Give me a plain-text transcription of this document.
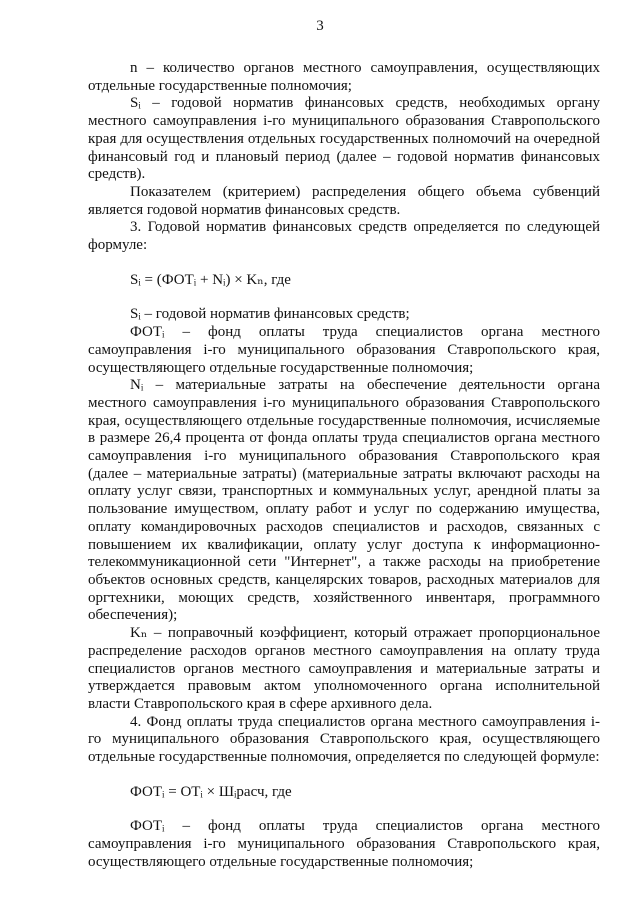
3

n – количество органов местного самоуправления, осуществляющих отдельные государственные полномочия;

Sᵢ – годовой норматив финансовых средств, необходимых органу местного самоуправления i-го муниципального образования Ставропольского края для осуществления отдельных государственных полномочий на очередной финансовый год и плановый период (далее – годовой норматив финансовых средств).

Показателем (критерием) распределения общего объема субвенций является годовой норматив финансовых средств.

3. Годовой норматив финансовых средств определяется по следующей формуле:

Sᵢ = (ФОТᵢ + Nᵢ) × Kₙ, где

Sᵢ – годовой норматив финансовых средств;

ФОТᵢ – фонд оплаты труда специалистов органа местного самоуправления i-го муниципального образования Ставропольского края, осуществляющего отдельные государственные полномочия;

Nᵢ – материальные затраты на обеспечение деятельности органа местного самоуправления i-го муниципального образования Ставропольского края, осуществляющего отдельные государственные полномочия, исчисляемые в размере 26,4 процента от фонда оплаты труда специалистов органа местного самоуправления i-го муниципального образования Ставропольского края (далее – материальные затраты) (материальные затраты включают расходы на оплату услуг связи, транспортных и коммунальных услуг, арендной платы за пользование имуществом, оплату работ и услуг по содержанию имущества, оплату командировочных расходов специалистов и расходов, связанных с повышением их квалификации, оплату услуг доступа к информационно-телекоммуникационной сети "Интернет", а также расходы на приобретение объектов основных средств, канцелярских товаров, расходных материалов для оргтехники, моющих средств, хозяйственного инвентаря, программного обеспечения);

Kₙ – поправочный коэффициент, который отражает пропорциональное распределение расходов органов местного самоуправления на оплату труда специалистов органов местного самоуправления и материальные затраты и утверждается правовым актом уполномоченного органа исполнительной власти Ставропольского края в сфере архивного дела.

4. Фонд оплаты труда специалистов органа местного самоуправления i-го муниципального образования Ставропольского края, осуществляющего отдельные государственные полномочия, определяется по следующей формуле:

ФОТᵢ = ОТᵢ × Шᵢрасч, где

ФОТᵢ – фонд оплаты труда специалистов органа местного самоуправления i-го муниципального образования Ставропольского края, осуществляющего отдельные государственные полномочия;
